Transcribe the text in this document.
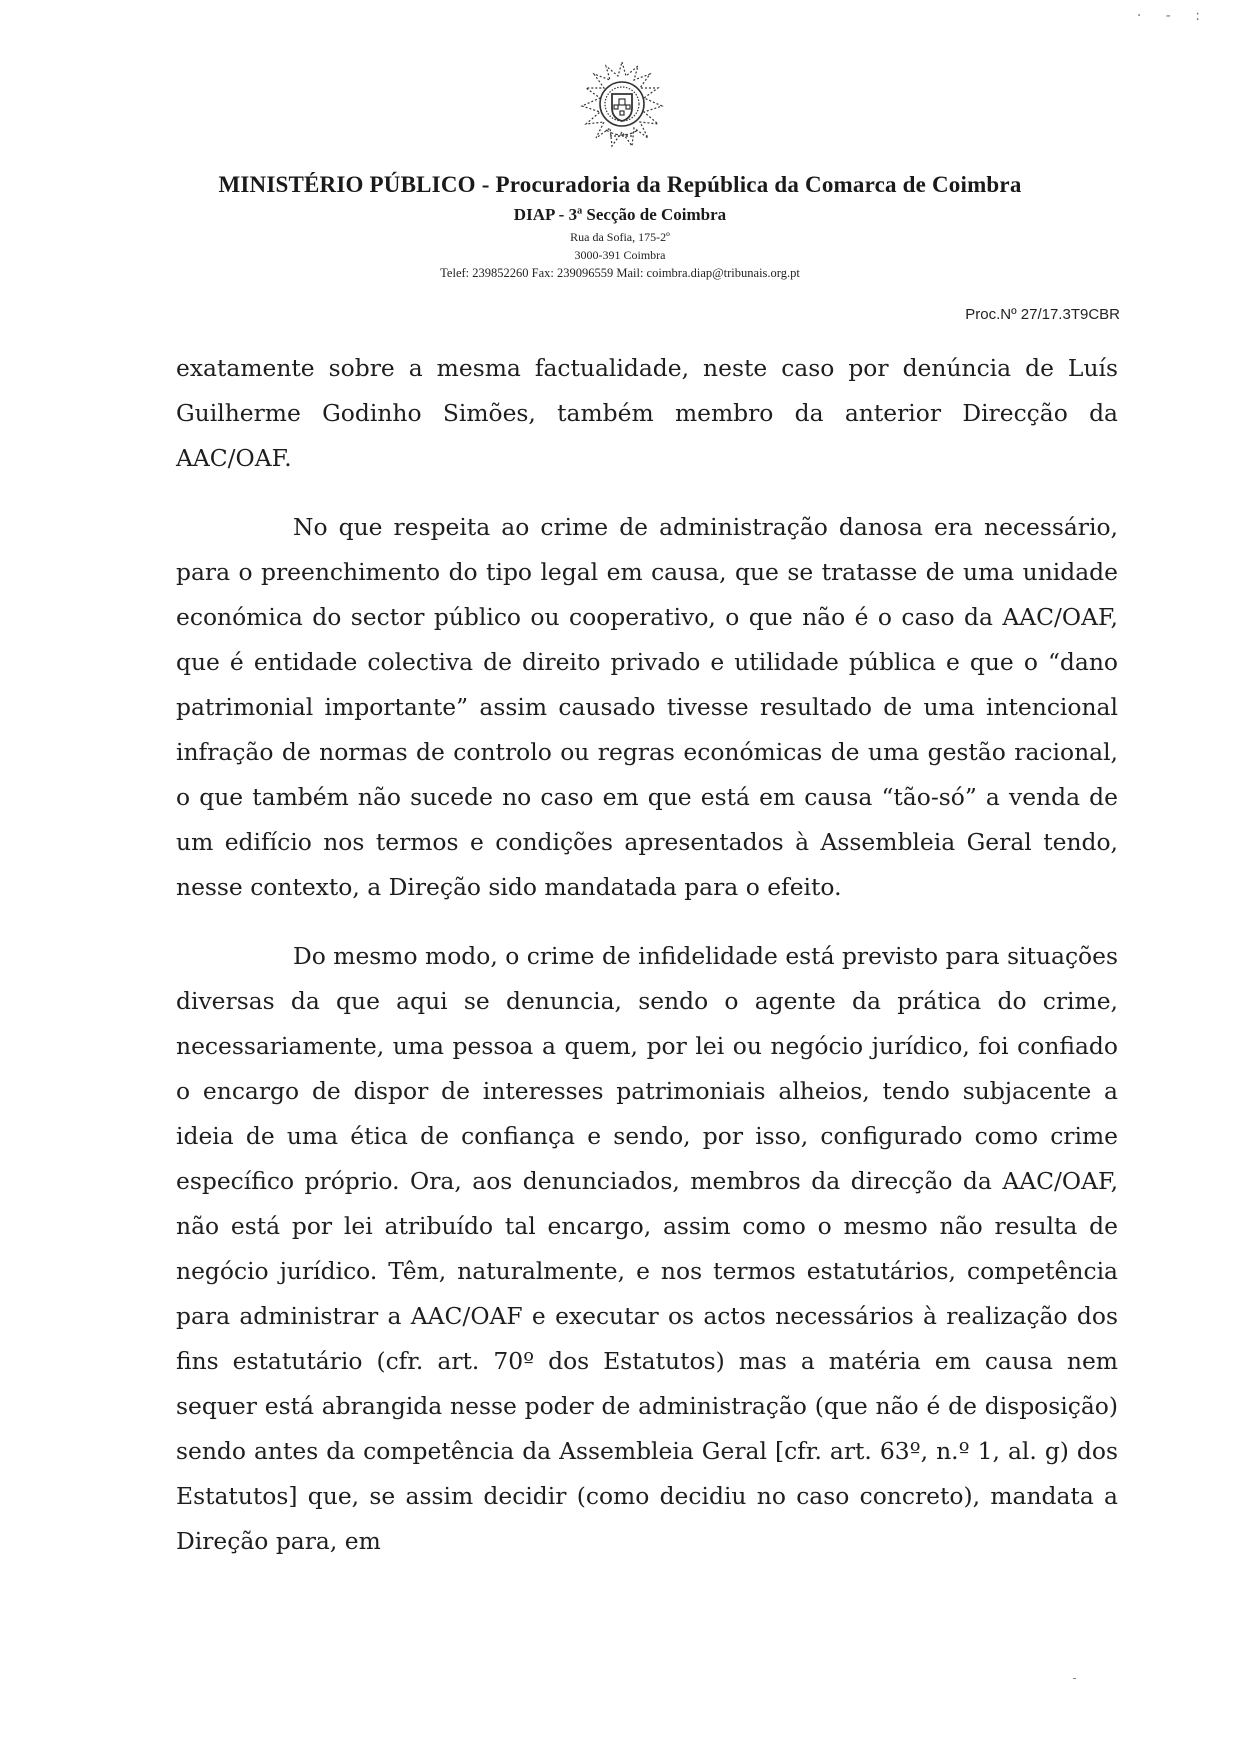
· - :
MINISTÉRIO PÚBLICO - Procuradoria da República da Comarca de Coimbra
DIAP - 3ª Secção de Coimbra
Rua da Sofia, 175-2º
3000-391 Coimbra
Telef: 239852260 Fax: 239096559 Mail: coimbra.diap@tribunais.org.pt
Proc.Nº 27/17.3T9CBR

exatamente sobre a mesma factualidade, neste caso por denúncia de Luís Guilherme Godinho Simões, também membro da anterior Direcção da AAC/OAF.

No que respeita ao crime de administração danosa era necessário, para o preenchimento do tipo legal em causa, que se tratasse de uma unidade económica do sector público ou cooperativo, o que não é o caso da AAC/OAF, que é entidade colectiva de direito privado e utilidade pública e que o “dano patrimonial importante” assim causado tivesse resultado de uma intencional infração de normas de controlo ou regras económicas de uma gestão racional, o que também não sucede no caso em que está em causa “tão-só” a venda de um edifício nos termos e condições apresentados à Assembleia Geral tendo, nesse contexto, a Direção sido mandatada para o efeito.

Do mesmo modo, o crime de infidelidade está previsto para situações diversas da que aqui se denuncia, sendo o agente da prática do crime, necessariamente, uma pessoa a quem, por lei ou negócio jurídico, foi confiado o encargo de dispor de interesses patrimoniais alheios, tendo subjacente a ideia de uma ética de confiança e sendo, por isso, configurado como crime específico próprio. Ora, aos denunciados, membros da direcção da AAC/OAF, não está por lei atribuído tal encargo, assim como o mesmo não resulta de negócio jurídico. Têm, naturalmente, e nos termos estatutários, competência para administrar a AAC/OAF e executar os actos necessários à realização dos fins estatutário (cfr. art. 70º dos Estatutos) mas a matéria em causa nem sequer está abrangida nesse poder de administração (que não é de disposição) sendo antes da competência da Assembleia Geral [cfr. art. 63º, n.º 1, al. g) dos Estatutos] que, se assim decidir (como decidiu no caso concreto), mandata a Direção para, em
